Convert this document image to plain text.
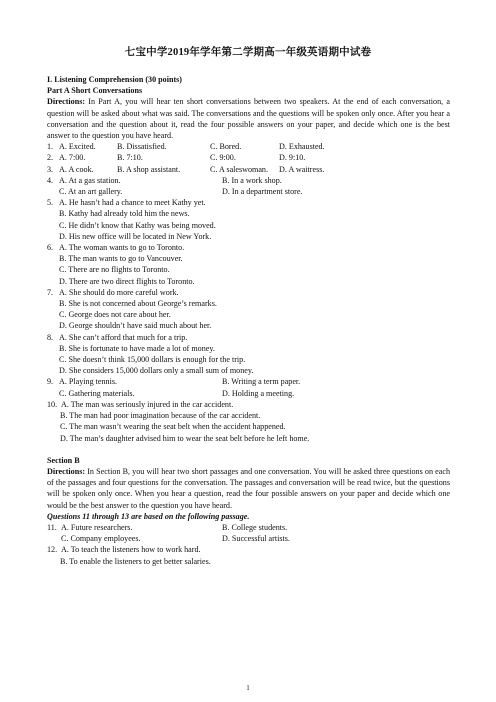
七宝中学2019年学年第二学期高一年级英语期中试卷
I. Listening Comprehension (30 points)
Part A Short Conversations
Directions: In Part A, you will hear ten short conversations between two speakers. At the end of each conversation, a question will be asked about what was said. The conversations and the questions will be spoken only once. After you hear a conversation and the question about it, read the four possible answers on your paper, and decide which one is the best answer to the question you have heard.
1. A. Excited.	B. Dissatisfied.	C. Bored.	D. Exhausted.
2. A. 7:00.	B. 7:10.	C. 9:00.	D. 9:10.
3. A. A cook.	B. A shop assistant.	C. A saleswoman.	D. A waitress.
4. A. At a gas station.	B. In a work shop.
C. At an art gallery.	D. In a department store.
5. A. He hasn’t had a chance to meet Kathy yet.
B. Kathy had already told him the news.
C. He didn’t know that Kathy was being moved.
D. His new office will be located in New York.
6. A. The woman wants to go to Toronto.
B. The man wants to go to Vancouver.
C. There are no flights to Toronto.
D. There are two direct flights to Toronto.
7. A. She should do more careful work.
B. She is not concerned about George’s remarks.
C. George does not care about her.
D. George shouldn’t have said much about her.
8. A. She can’t afford that much for a trip.
B. She is fortunate to have made a lot of money.
C. She doesn’t think 15,000 dollars is enough for the trip.
D. She considers 15,000 dollars only a small sum of money.
9. A. Playing tennis.	B. Writing a term paper.
C. Gathering materials.	D. Holding a meeting.
10. A. The man was seriously injured in the car accident.
B. The man had poor imagination because of the car accident.
C. The man wasn’t wearing the seat belt when the accident happened.
D. The man’s daughter advised him to wear the seat belt before he left home.
Section B
Directions: In Section B, you will hear two short passages and one conversation. You will be asked three questions on each of the passages and four questions for the conversation. The passages and conversation will be read twice, but the questions will be spoken only once. When you hear a question, read the four possible answers on your paper and decide which one would be the best answer to the question you have heard.
Questions 11 through 13 are based on the following passage.
11. A. Future researchers.	B. College students.
C. Company employees.	D. Successful artists.
12. A. To teach the listeners how to work hard.
B. To enable the listeners to get better salaries.
1
